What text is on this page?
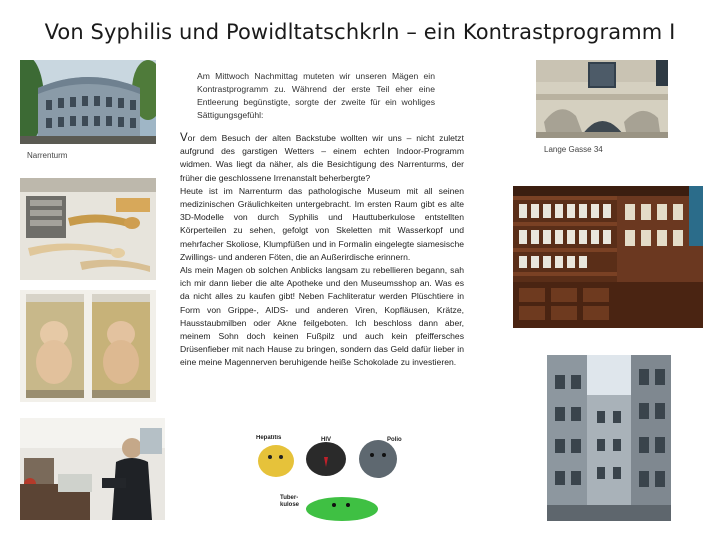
Von Syphilis und Powidltatschkrln – ein Kontrastprogramm I
Narrenturm
Am Mittwoch Nachmittag muteten wir unseren Mägen ein Kontrastprogramm zu. Während der erste Teil eher eine Entleerung begünstigte, sorgte der zweite für ein wohliges Sättigungsgefühl:

Vor dem Besuch der alten Backstube wollten wir uns – nicht zuletzt aufgrund des garstigen Wetters – einem echten Indoor-Programm widmen. Was liegt da näher, als die Besichtigung des Narrenturms, der früher die geschlossene Irrenanstalt beherbergte?

Heute ist im Narrenturm das pathologische Museum mit all seinen medizinischen Gräulichkeiten untergebracht. Im ersten Raum gibt es alte 3D-Modelle von durch Syphilis und Hauttuberkulose entstellten Körperteilen zu sehen, gefolgt von Skeletten mit Wasserkopf und mehrfacher Skoliose, Klumpfüßen und in Formalin eingelegte siamesische Zwillings- und anderen Föten, die an Außerirdische erinnern.

Als mein Magen ob solchen Anblicks langsam zu rebellieren begann, sah ich mir dann lieber die alte Apotheke und den Museumsshop an. Was es da nicht alles zu kaufen gibt! Neben Fachliteratur werden Plüschtiere in Form von Grippe-, AIDS- und anderen Viren, Kopfläusen, Krätze, Hausstaubmilben oder Akne feilgeboten. Ich beschloss dann aber, meinem Sohn doch keinen Fußpilz und auch kein pfeiffersches Drüsenfieber mit nach Hause zu bringen, sondern das Geld dafür lieber in eine meine Magennerven beruhigende heiße Schokolade zu investieren.

Hepatitis	HIV	Polio
Tuber-
kulose
Lange Gasse 34
